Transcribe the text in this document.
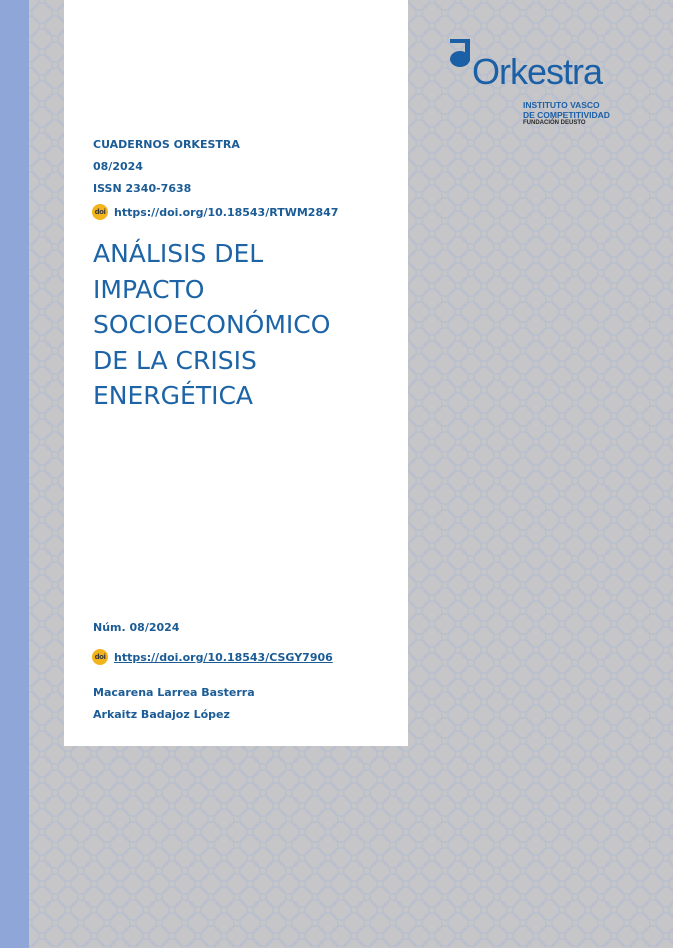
CUADERNOS ORKESTRA
08/2024
ISSN 2340-7638
doi https://doi.org/10.18543/RTWM2847
ANÁLISIS DEL
IMPACTO
SOCIOECONÓMICO
DE LA CRISIS
ENERGÉTICA
Núm. 08/2024
doi https://doi.org/10.18543/CSGY7906
Macarena Larrea Basterra
Arkaitz Badajoz López
Orkestra
INSTITUTO VASCO
DE COMPETITIVIDAD
FUNDACIÓN DEUSTO
